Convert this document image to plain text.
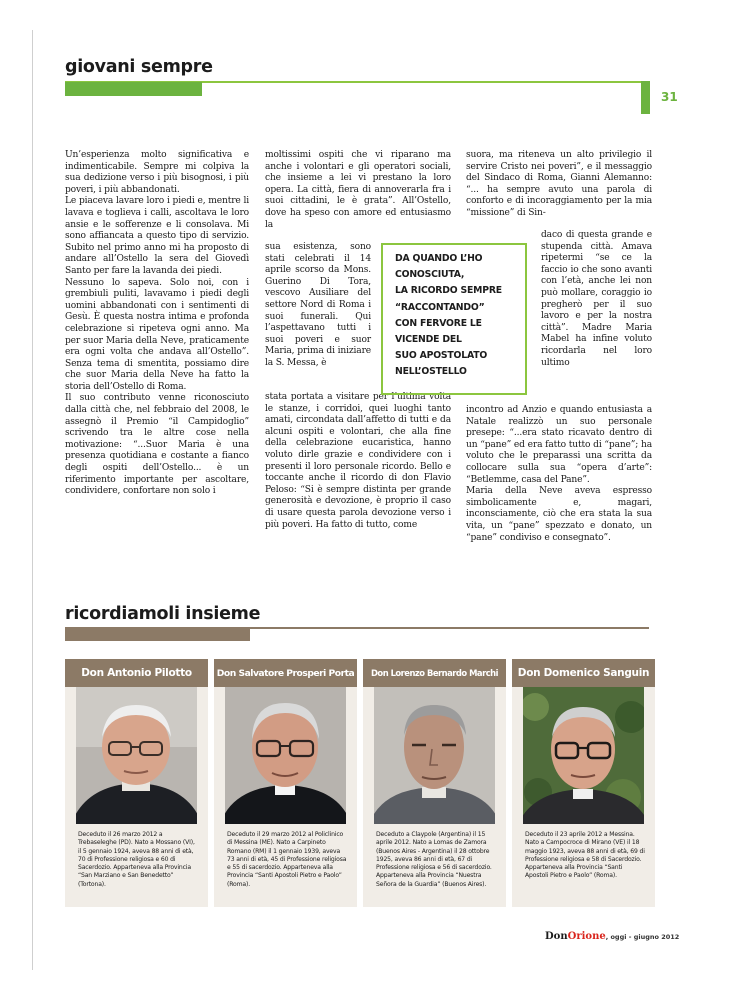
giovani sempre
31

Un’esperienza molto significativa e indimenticabile. Sempre mi colpiva la sua dedizione verso i più bisognosi, i più poveri, i più abbandonati.

Le piaceva lavare loro i piedi e, mentre li lavava e toglieva i calli, ascoltava le loro ansie e le sofferenze e li consolava. Mi sono affiancata a questo tipo di servizio. Subito nel primo anno mi ha proposto di andare all’Ostello la sera del Giovedì Santo per fare la lavanda dei piedi.

Nessuno lo sapeva. Solo noi, con i grembiuli puliti, lavavamo i piedi degli uomini abbandonati con i sentimenti di Gesù. È questa nostra intima e profonda celebrazione si ripeteva ogni anno. Ma per suor Maria della Neve, praticamente era ogni volta che andava all’Ostello”. Senza tema di smentita, possiamo dire che suor Maria della Neve ha fatto la storia dell’Ostello di Roma.

Il suo contributo venne riconosciuto dalla città che, nel febbraio del 2008, le assegnò il Premio “il Campidoglio” scrivendo tra le altre cose nella motivazione: “...Suor Maria è una presenza quotidiana e costante a fianco degli ospiti dell’Ostello... è un riferimento importante per ascoltare, condividere, confortare non solo i

moltissimi ospiti che vi riparano ma anche i volontari e gli operatori sociali, che insieme a lei vi prestano la loro opera. La città, fiera di annoverarla fra i suoi cittadini, le è grata”. All’Ostello, dove ha speso con amore ed entusiasmo la

sua esistenza, sono stati celebrati il 14 aprile scorso da Mons. Guerino Di Tora, vescovo Ausiliare del settore Nord di Roma i suoi funerali. Qui l’aspettavano tutti i suoi poveri e suor Maria, prima di iniziare la S. Messa, è

stata portata a visitare per l’ultima volta le stanze, i corridoi, quei luoghi tanto amati, circondata dall’affetto di tutti e da alcuni ospiti e volontari, che alla fine della celebrazione eucaristica, hanno voluto dirle grazie e condividere con i presenti il loro personale ricordo. Bello e toccante anche il ricordo di don Flavio Peloso: “Si è sempre distinta per grande generosità e devozione, è proprio il caso di usare questa parola devozione verso i più poveri. Ha fatto di tutto, come

DA QUANDO L’HO
CONOSCIUTA,
LA RICORDO SEMPRE
“RACCONTANDO”
CON FERVORE LE
VICENDE DEL
SUO APOSTOLATO
NELL’OSTELLO

suora, ma riteneva un alto privilegio il servire Cristo nei poveri”, e il messaggio del Sindaco di Roma, Gianni Alemanno: “... ha sempre avuto una parola di conforto e di incoraggiamento per la mia “missione” di Sin-

daco di questa grande e stupenda città. Amava ripetermi “se ce la faccio io che sono avanti con l’età, anche lei non può mollare, coraggio io pregherò per il suo lavoro e per la nostra città”. Madre Maria Mabel ha infine voluto ricordarla nel loro ultimo

incontro ad Anzio e quando entusiasta a Natale realizzò un suo personale presepe: “...era stato ricavato dentro di un “pane” ed era fatto tutto di “pane”; ha voluto che le preparassi una scritta da collocare sulla sua “opera d’arte”: “Betlemme, casa del Pane”.

Maria della Neve aveva espresso simbolicamente e, magari, inconsciamente, ciò che era stata la sua vita, un “pane” spezzato e donato, un “pane” condiviso e consegnato”.

ricordiamoli insieme
Don Antonio Pilotto
Deceduto il 26 marzo 2012 a Trebaseleghe (PD). Nato a Mossano (VI), il 5 gennaio 1924, aveva 88 anni di età, 70 di Professione religiosa e 60 di Sacerdozio. Apparteneva alla Provincia “San Marziano e San Benedetto” (Tortona).
Don Salvatore Prosperi Porta
Deceduto il 29 marzo 2012 al Policlinico di Messina (ME). Nato a Carpineto Romano (RM) il 1 gennaio 1939, aveva 73 anni di età, 45 di Professione religiosa e 55 di sacerdozio. Apparteneva alla Provincia “Santi Apostoli Pietro e Paolo” (Roma).
Don Lorenzo Bernardo Marchi
Deceduto a Claypole (Argentina) il 15 aprile 2012. Nato a Lomas de Zamora (Buenos Aires - Argentina) il 28 ottobre 1925, aveva 86 anni di età, 67 di Professione religiosa e 56 di sacerdozio. Apparteneva alla Provincia “Nuestra Señora de la Guardia” (Buenos Aires).
Don Domenico Sanguin
Deceduto il 23 aprile 2012 a Messina. Nato a Campocroce di Mirano (VE) il 18 maggio 1923, aveva 88 anni di età, 69 di Professione religiosa e 58 di Sacerdozio. Apparteneva alla Provincia “Santi Apostoli Pietro e Paolo” (Roma).
DonOrione, oggi - giugno 2012
